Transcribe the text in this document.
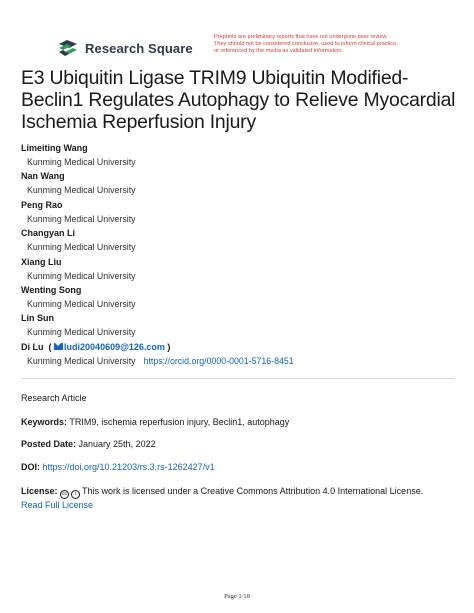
Research Square
Preprints are preliminary reports that have not undergone peer review.
They should not be considered conclusive, used to inform clinical practice,
or referenced by the media as validated information.
E3 Ubiquitin Ligase TRIM9 Ubiquitin Modified-
Beclin1 Regulates Autophagy to Relieve Myocardial
Ischemia Reperfusion Injury
Limeiting Wang
Kunming Medical University
Nan Wang
Kunming Medical University
Peng Rao
Kunming Medical University
Changyan Li
Kunming Medical University
Xiang Liu
Kunming Medical University
Wenting Song
Kunming Medical University
Lin Sun
Kunming Medical University
Di Lu ( ludi20040609@126.com )
Kunming Medical University https://orcid.org/0000-0001-5716-8451
Research Article
Keywords: TRIM9, ischemia reperfusion injury, Beclin1, autophagy
Posted Date: January 25th, 2022
DOI: https://doi.org/10.21203/rs.3.rs-1262427/v1
License: cc i This work is licensed under a Creative Commons Attribution 4.0 International License.
Read Full License
Page 1/18
